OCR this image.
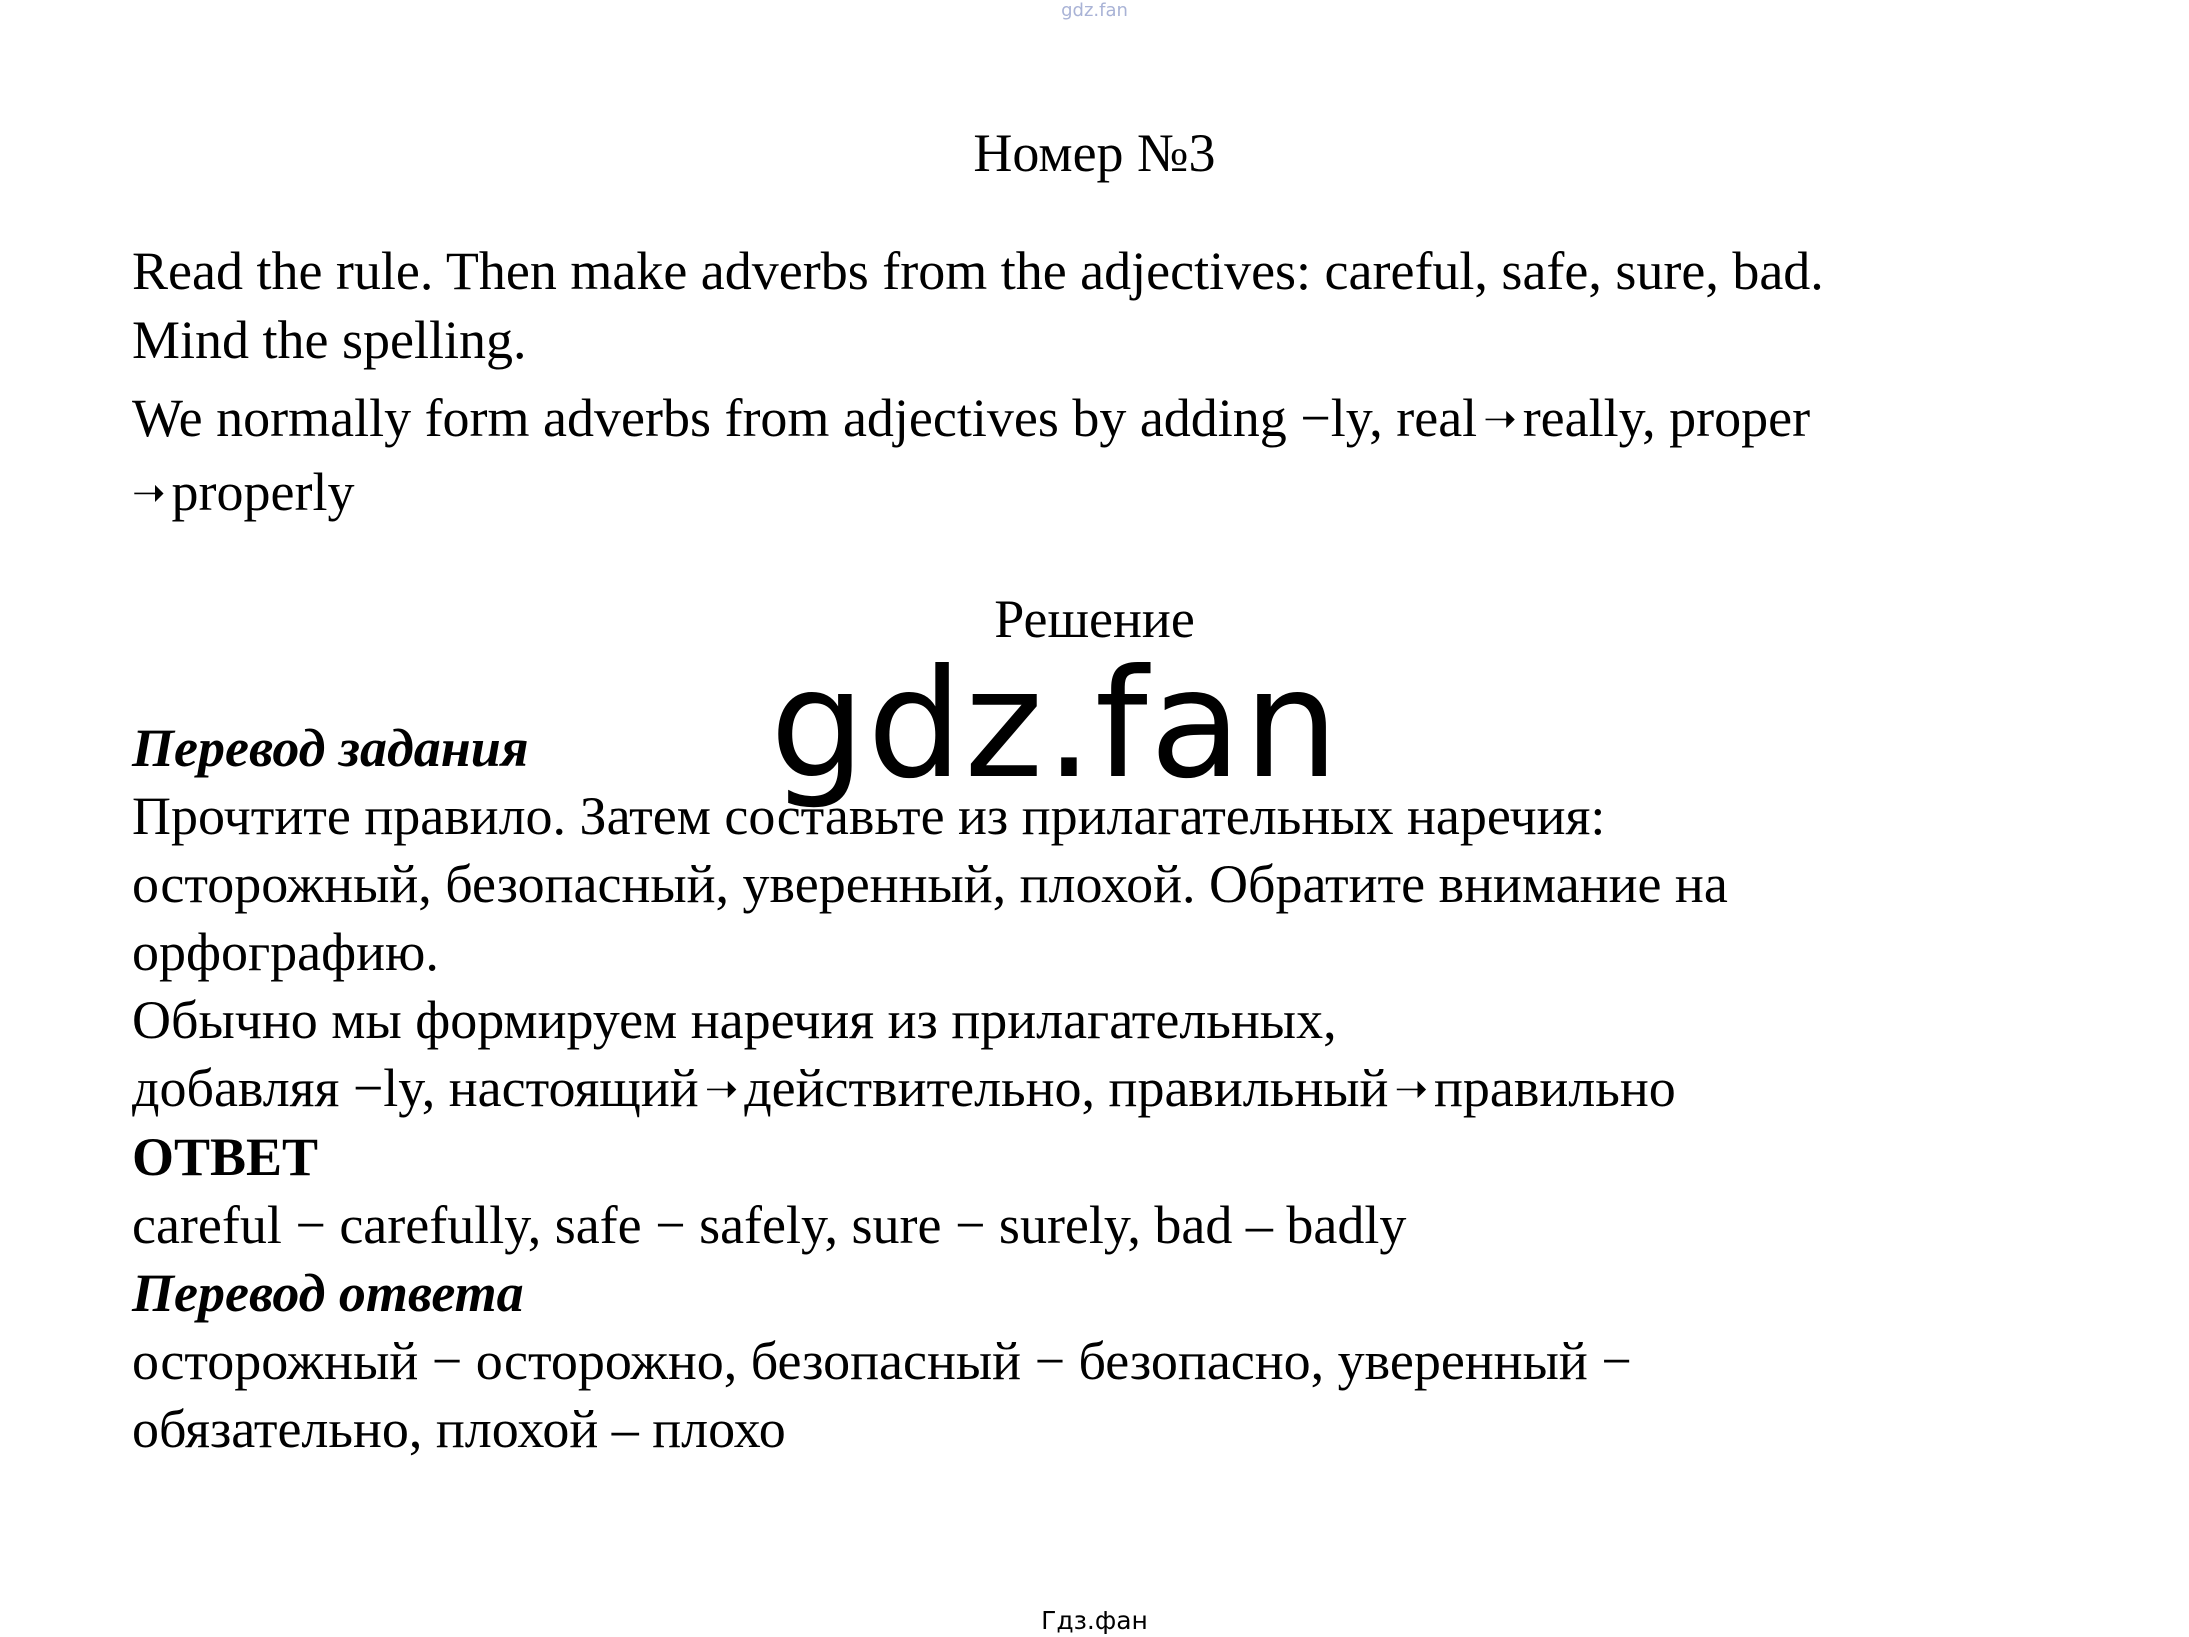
gdz.fan
Номер №3
Read the rule. Then make adverbs from the adjectives: careful, safe, sure, bad.
Mind the spelling.
We normally form adverbs from adjectives by adding −ly, real ➝ really, proper
➝ properly
Решение
gdz.fan
Перевод задания
Прочтите правило. Затем составьте из прилагательных наречия:
осторожный, безопасный, уверенный, плохой. Обратите внимание на
орфографию.
Обычно мы формируем наречия из прилагательных,
добавляя −ly, настоящий ➝ действительно, правильный ➝ правильно
ОТВЕТ
careful − carefully, safe − safely, sure − surely, bad – badly
Перевод ответа
осторожный − осторожно, безопасный − безопасно, уверенный −
обязательно, плохой – плохо
Гдз.фан
